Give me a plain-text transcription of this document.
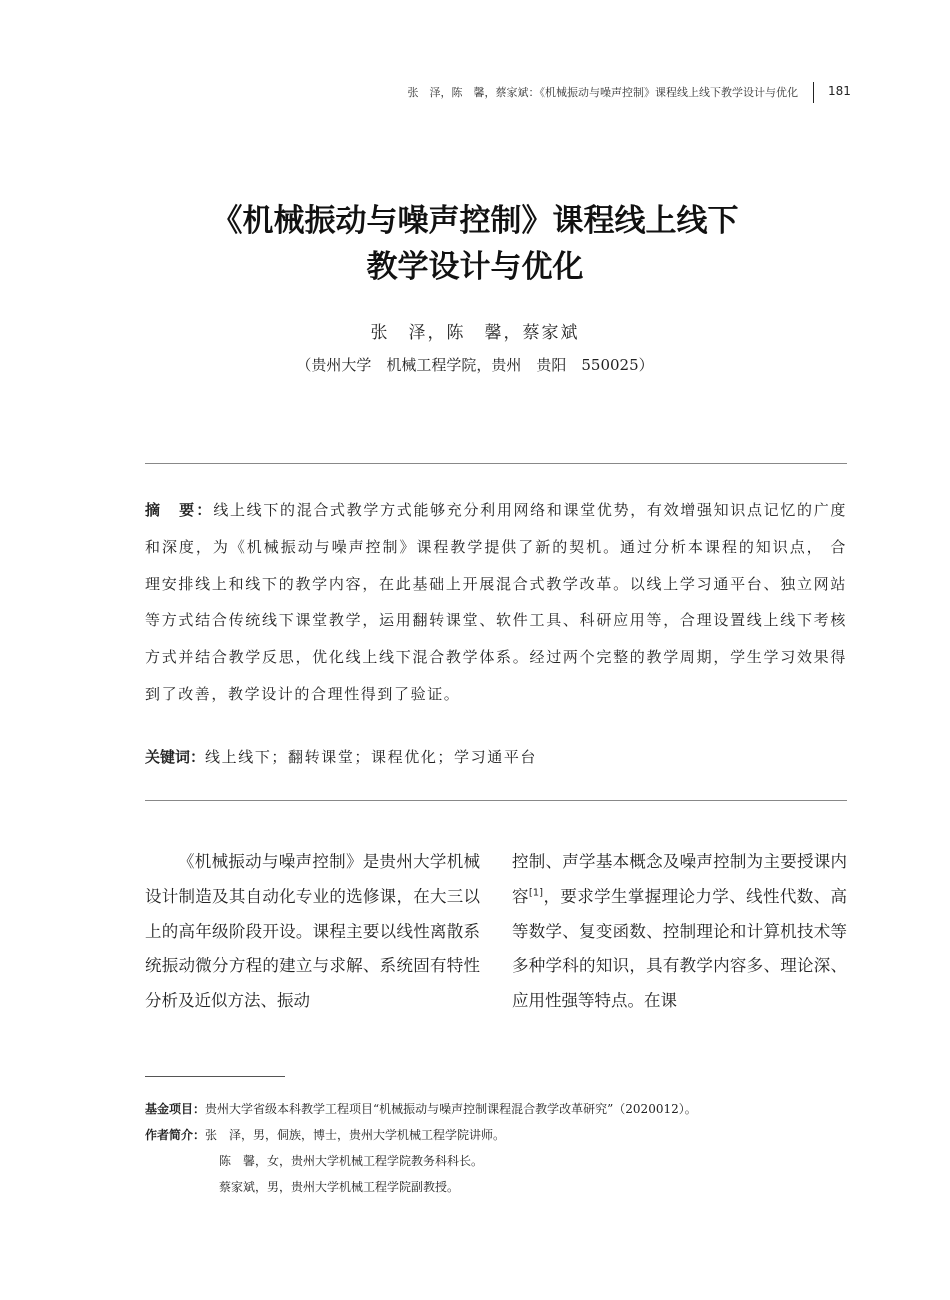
张　泽，陈　馨，蔡家斌：《机械振动与噪声控制》课程线上线下教学设计与优化	181
《机械振动与噪声控制》课程线上线下
教学设计与优化
张　泽，陈　馨，蔡家斌
（贵州大学　机械工程学院，贵州　贵阳　550025）
摘　要：线上线下的混合式教学方式能够充分利用网络和课堂优势，有效增强知识点记忆的广度和深度，为《机械振动与噪声控制》课程教学提供了新的契机。通过分析本课程的知识点， 合理安排线上和线下的教学内容，在此基础上开展混合式教学改革。以线上学习通平台、独立网站等方式结合传统线下课堂教学，运用翻转课堂、软件工具、科研应用等，合理设置线上线下考核方式并结合教学反思，优化线上线下混合教学体系。经过两个完整的教学周期，学生学习效果得到了改善，教学设计的合理性得到了验证。
关键词：线上线下；翻转课堂；课程优化；学习通平台

《机械振动与噪声控制》是贵州大学机械设计制造及其自动化专业的选修课，在大三以上的高年级阶段开设。课程主要以线性离散系统振动微分方程的建立与求解、系统固有特性分析及近似方法、振动

控制、声学基本概念及噪声控制为主要授课内容[1]，要求学生掌握理论力学、线性代数、高等数学、复变函数、控制理论和计算机技术等多种学科的知识，具有教学内容多、理论深、应用性强等特点。在课

基金项目：贵州大学省级本科教学工程项目“机械振动与噪声控制课程混合教学改革研究”（2020012）。
作者简介：张　泽，男，侗族，博士，贵州大学机械工程学院讲师。
陈　馨，女，贵州大学机械工程学院教务科科长。
蔡家斌，男，贵州大学机械工程学院副教授。
